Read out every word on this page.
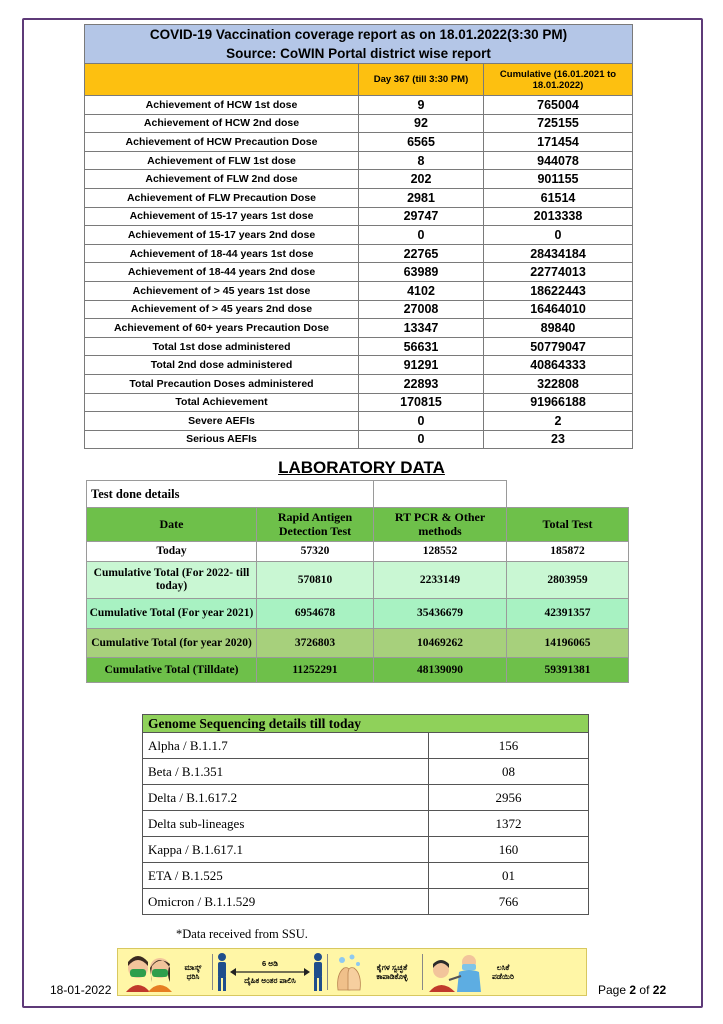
COVID-19 Vaccination coverage report as on 18.01.2022(3:30 PM)		
Source: CoWIN Portal district wise report		
	Day 367 (till 3:30 PM)	Cumulative (16.01.2021 to 18.01.2022)
Achievement of HCW 1st dose	9	765004
Achievement of HCW 2nd dose	92	725155
Achievement of HCW Precaution Dose	6565	171454
Achievement of FLW 1st dose	8	944078
Achievement of FLW 2nd dose	202	901155
Achievement of FLW Precaution Dose	2981	61514
Achievement of 15-17 years 1st dose	29747	2013338
Achievement of 15-17 years 2nd dose	0	0
Achievement of 18-44 years 1st dose	22765	28434184
Achievement of 18-44 years 2nd dose	63989	22774013
Achievement of > 45 years 1st dose	4102	18622443
Achievement of > 45 years 2nd dose	27008	16464010
Achievement of 60+ years Precaution Dose	13347	89840
Total 1st dose administered	56631	50779047
Total 2nd dose administered	91291	40864333
Total Precaution Doses administered	22893	322808
Total Achievement	170815	91966188
Severe AEFIs	0	2
Serious AEFIs	0	23
LABORATORY DATA
Test done details			
Date	Rapid Antigen Detection Test	RT PCR & Other methods	Total Test
Today	57320	128552	185872
Cumulative Total (For 2022- till today)	570810	2233149	2803959
Cumulative Total (For year 2021)	6954678	35436679	42391357
Cumulative Total (for year 2020)	3726803	10469262	14196065
Cumulative Total (Tilldate)	11252291	48139090	59391381
Genome Sequencing details till today	
Alpha / B.1.1.7	156
Beta / B.1.351	08
Delta / B.1.617.2	2956
Delta sub-lineages	1372
Kappa / B.1.617.1	160
ETA / B.1.525	01
Omicron / B.1.1.529	766
*Data received from SSU.
ಮಾಸ್ಕ್ ಧರಿಸಿ
6 ಅಡಿ
ದೈಹಿಕ ಅಂತರ ಪಾಲಿಸಿ
ಕೈಗಳ ಸ್ವಚ್ಛತೆ ಕಾಪಾಡಿಕೊಳ್ಳಿ
ಲಸಿಕೆ ಪಡೆಯಿರಿ
18-01-2022	Page 2 of 22
